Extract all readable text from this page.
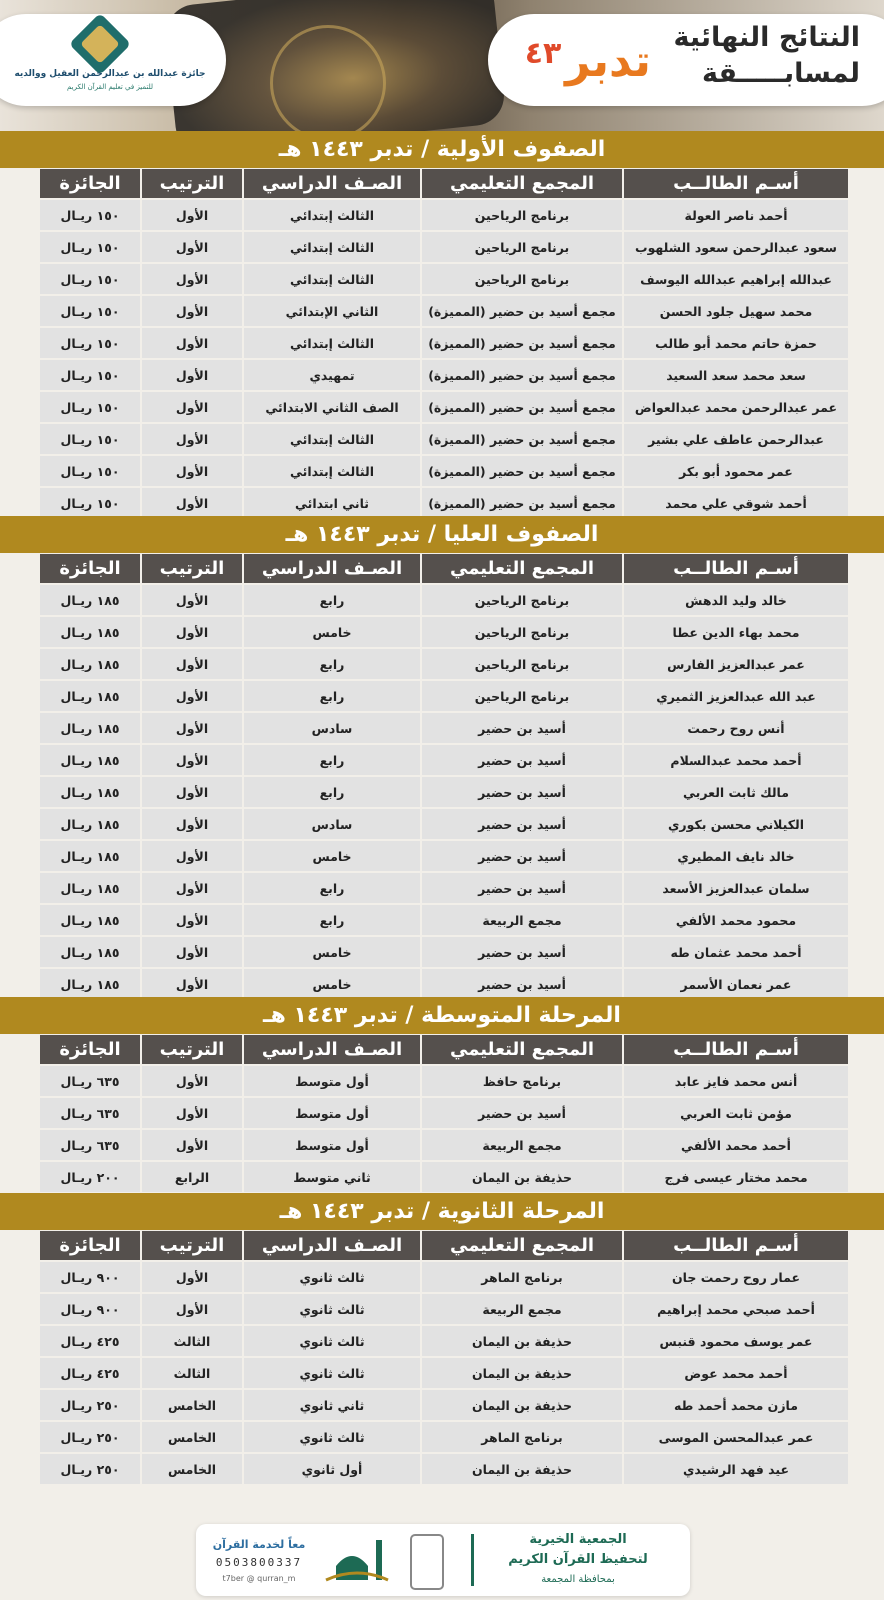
جائزة عبدالله بن عبدالرحمن العقيل ووالديه
للتميز في تعليم القرآن الكريم
النتائج النهائية
لمسابـــــقة
تدبر
٤٣
الصفوف الأولية / تدبر ١٤٤٣ هـ
أسـم الطالــب	المجمع التعليمي	الصـف الدراسي	الترتيب	الجائزة
أحمد ناصر العولة	برنامج الرياحين	الثالث إبتدائي	الأول	١٥٠ ريـال
سعود عبدالرحمن سعود الشلهوب	برنامج الرياحين	الثالث إبتدائي	الأول	١٥٠ ريـال
عبدالله إبراهيم عبدالله اليوسف	برنامج الرياحين	الثالث إبتدائي	الأول	١٥٠ ريـال
محمد سهيل جلود الحسن	مجمع أسيد بن حضير (المميزة)	الثاني الإبتدائي	الأول	١٥٠ ريـال
حمزة حاتم محمد أبو طالب	مجمع أسيد بن حضير (المميزة)	الثالث إبتدائي	الأول	١٥٠ ريـال
سعد محمد سعد السعيد	مجمع أسيد بن حضير (المميزة)	تمهيدي	الأول	١٥٠ ريـال
عمر عبدالرحمن محمد عبدالعواض	مجمع أسيد بن حضير (المميزة)	الصف الثاني الابتدائي	الأول	١٥٠ ريـال
عبدالرحمن عاطف علي بشير	مجمع أسيد بن حضير (المميزة)	الثالث إبتدائي	الأول	١٥٠ ريـال
عمر محمود أبو بكر	مجمع أسيد بن حضير (المميزة)	الثالث إبتدائي	الأول	١٥٠ ريـال
أحمد شوقي علي محمد	مجمع أسيد بن حضير (المميزة)	ثاني ابتدائي	الأول	١٥٠ ريـال
الصفوف العليا / تدبر ١٤٤٣ هـ
أسـم الطالــب	المجمع التعليمي	الصـف الدراسي	الترتيب	الجائزة
خالد وليد الدهش	برنامج الرياحين	رابع	الأول	١٨٥ ريـال
محمد بهاء الدين عطا	برنامج الرياحين	خامس	الأول	١٨٥ ريـال
عمر عبدالعزيز الفارس	برنامج الرياحين	رابع	الأول	١٨٥ ريـال
عبد الله عبدالعزيز الثميري	برنامج الرياحين	رابع	الأول	١٨٥ ريـال
أنس روح رحمت	أسيد بن حضير	سادس	الأول	١٨٥ ريـال
أحمد محمد عبدالسلام	أسيد بن حضير	رابع	الأول	١٨٥ ريـال
مالك ثابت العربي	أسيد بن حضير	رابع	الأول	١٨٥ ريـال
الكيلاني محسن بكوري	أسيد بن حضير	سادس	الأول	١٨٥ ريـال
خالد نايف المطيري	أسيد بن حضير	خامس	الأول	١٨٥ ريـال
سلمان عبدالعزيز الأسعد	أسيد بن حضير	رابع	الأول	١٨٥ ريـال
محمود محمد الألفي	مجمع الربيعة	رابع	الأول	١٨٥ ريـال
أحمد محمد عثمان طه	أسيد بن حضير	خامس	الأول	١٨٥ ريـال
عمر نعمان الأسمر	أسيد بن حضير	خامس	الأول	١٨٥ ريـال
المرحلة المتوسطة / تدبر ١٤٤٣ هـ
أسـم الطالــب	المجمع التعليمي	الصـف الدراسي	الترتيب	الجائزة
أنس محمد فايز عابد	برنامج حافظ	أول متوسط	الأول	٦٣٥ ريـال
مؤمن ثابت العربي	أسيد بن حضير	أول متوسط	الأول	٦٣٥ ريـال
أحمد محمد الألفي	مجمع الربيعة	أول متوسط	الأول	٦٣٥ ريـال
محمد مختار عيسى فرج	حذيفة بن اليمان	ثاني متوسط	الرابع	٢٠٠ ريـال
المرحلة الثانوية / تدبر ١٤٤٣ هـ
أسـم الطالــب	المجمع التعليمي	الصـف الدراسي	الترتيب	الجائزة
عمار روح رحمت جان	برنامج الماهر	ثالث ثانوي	الأول	٩٠٠ ريـال
أحمد صبحي محمد إبراهيم	مجمع الربيعة	ثالث ثانوي	الأول	٩٠٠ ريـال
عمر يوسف محمود قنبس	حذيفة بن اليمان	ثالث ثانوي	الثالث	٤٢٥ ريـال
أحمد محمد عوض	حذيفة بن اليمان	ثالث ثانوي	الثالث	٤٢٥ ريـال
مازن محمد أحمد طه	حذيفة بن اليمان	ثاني ثانوي	الخامس	٢٥٠ ريـال
عمر عبدالمحسن الموسى	برنامج الماهر	ثالث ثانوي	الخامس	٢٥٠ ريـال
عيد فهد الرشيدي	حذيفة بن اليمان	أول ثانوي	الخامس	٢٥٠ ريـال
الجمعية الخيرية
لتحفيظ القرآن الكريم
بمحافظة المجمعة
معاً لخدمة القرآن
0503800337
t7ber @ qurran_m
